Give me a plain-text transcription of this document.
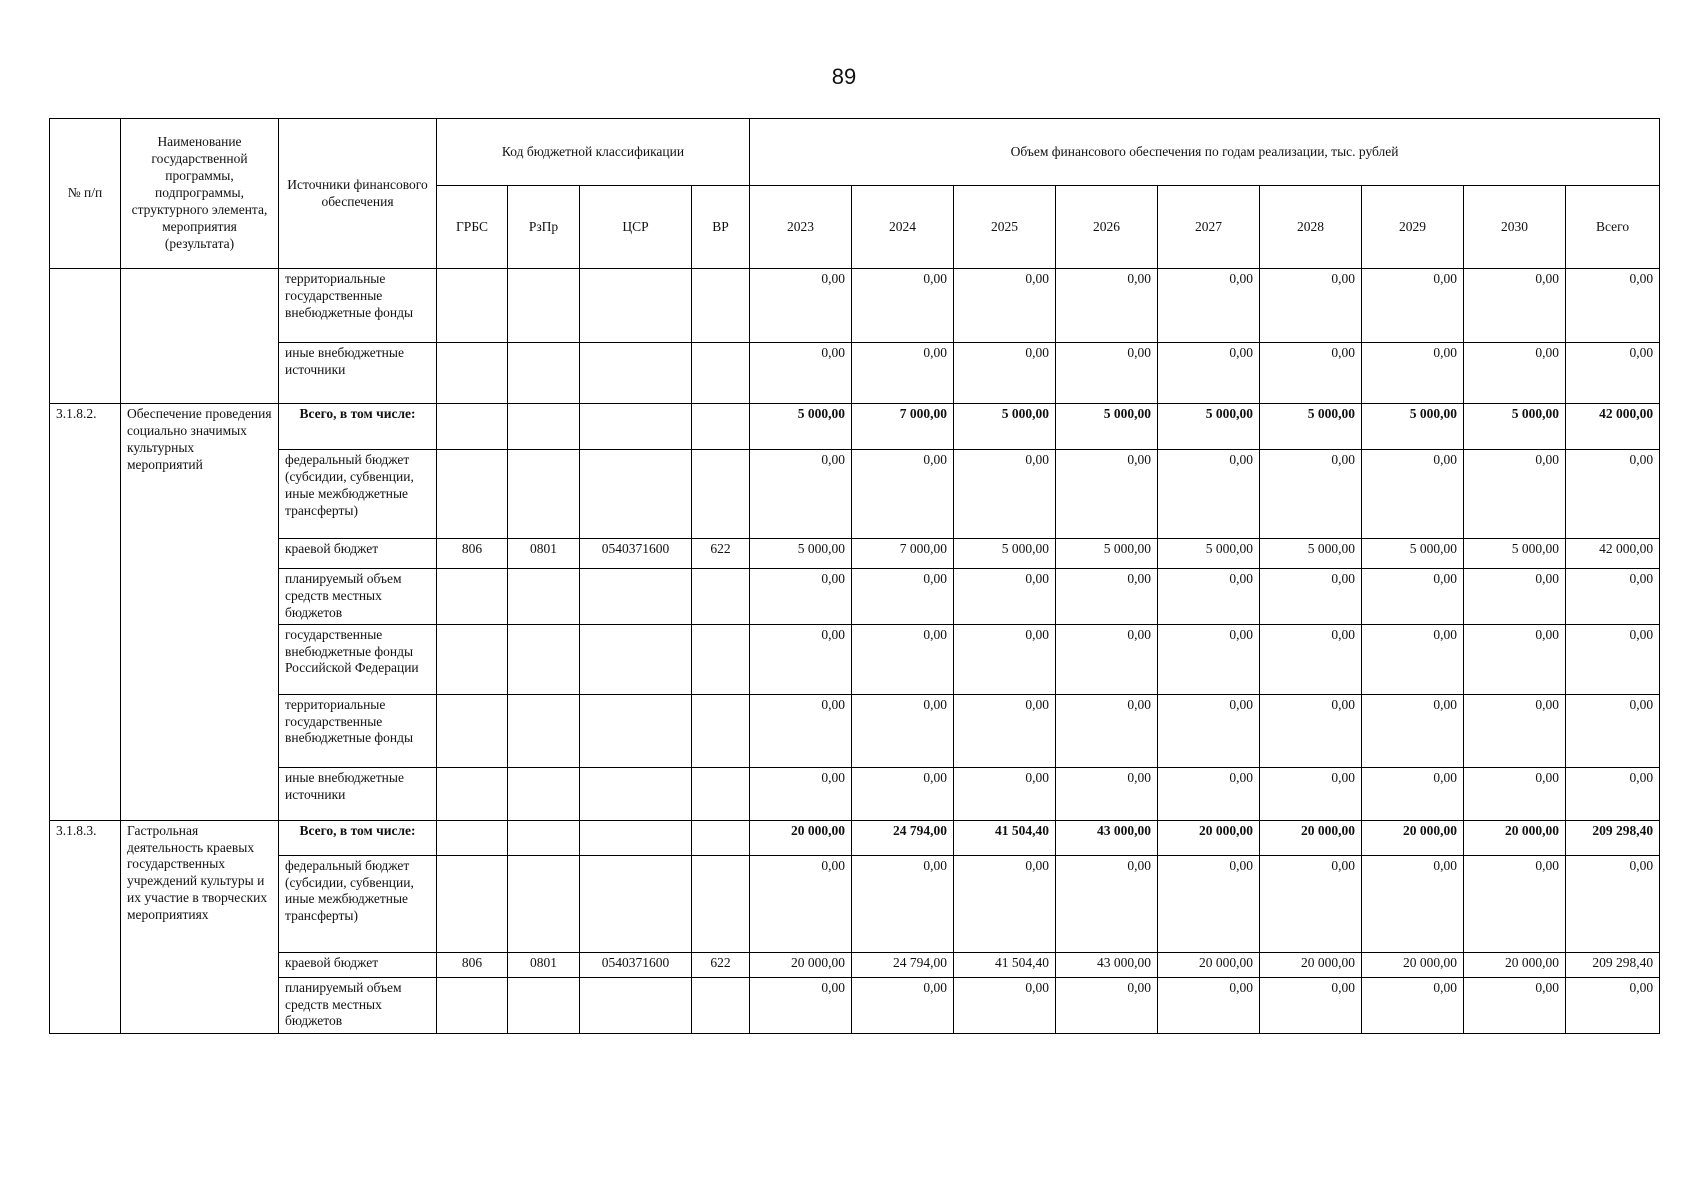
89
№ п/п	Наименование государственной программы, подпрограммы, структурного элемента, мероприятия (результата)	Источники финансового обеспечения	Код бюджетной классификации				Объем финансового обеспечения по годам реализации, тыс. рублей								
			ГРБС	РзПр	ЦСР	ВР	2023	2024	2025	2026	2027	2028	2029	2030	Всего
		территориальные государственные внебюджетные фонды					0,00	0,00	0,00	0,00	0,00	0,00	0,00	0,00	0,00
		иные внебюджетные источники					0,00	0,00	0,00	0,00	0,00	0,00	0,00	0,00	0,00
3.1.8.2.	Обеспечение проведения социально значимых культурных мероприятий	Всего, в том числе:					5 000,00	7 000,00	5 000,00	5 000,00	5 000,00	5 000,00	5 000,00	5 000,00	42 000,00
		федеральный бюджет (субсидии, субвенции, иные межбюджетные трансферты)					0,00	0,00	0,00	0,00	0,00	0,00	0,00	0,00	0,00
		краевой бюджет	806	0801	0540371600	622	5 000,00	7 000,00	5 000,00	5 000,00	5 000,00	5 000,00	5 000,00	5 000,00	42 000,00
		планируемый объем средств местных бюджетов					0,00	0,00	0,00	0,00	0,00	0,00	0,00	0,00	0,00
		государственные внебюджетные фонды Российской Федерации					0,00	0,00	0,00	0,00	0,00	0,00	0,00	0,00	0,00
		территориальные государственные внебюджетные фонды					0,00	0,00	0,00	0,00	0,00	0,00	0,00	0,00	0,00
		иные внебюджетные источники					0,00	0,00	0,00	0,00	0,00	0,00	0,00	0,00	0,00
3.1.8.3.	Гастрольная деятельность краевых государственных учреждений культуры и их участие в творческих мероприятиях	Всего, в том числе:					20 000,00	24 794,00	41 504,40	43 000,00	20 000,00	20 000,00	20 000,00	20 000,00	209 298,40
		федеральный бюджет (субсидии, субвенции, иные межбюджетные трансферты)					0,00	0,00	0,00	0,00	0,00	0,00	0,00	0,00	0,00
		краевой бюджет	806	0801	0540371600	622	20 000,00	24 794,00	41 504,40	43 000,00	20 000,00	20 000,00	20 000,00	20 000,00	209 298,40
		планируемый объем средств местных бюджетов					0,00	0,00	0,00	0,00	0,00	0,00	0,00	0,00	0,00
